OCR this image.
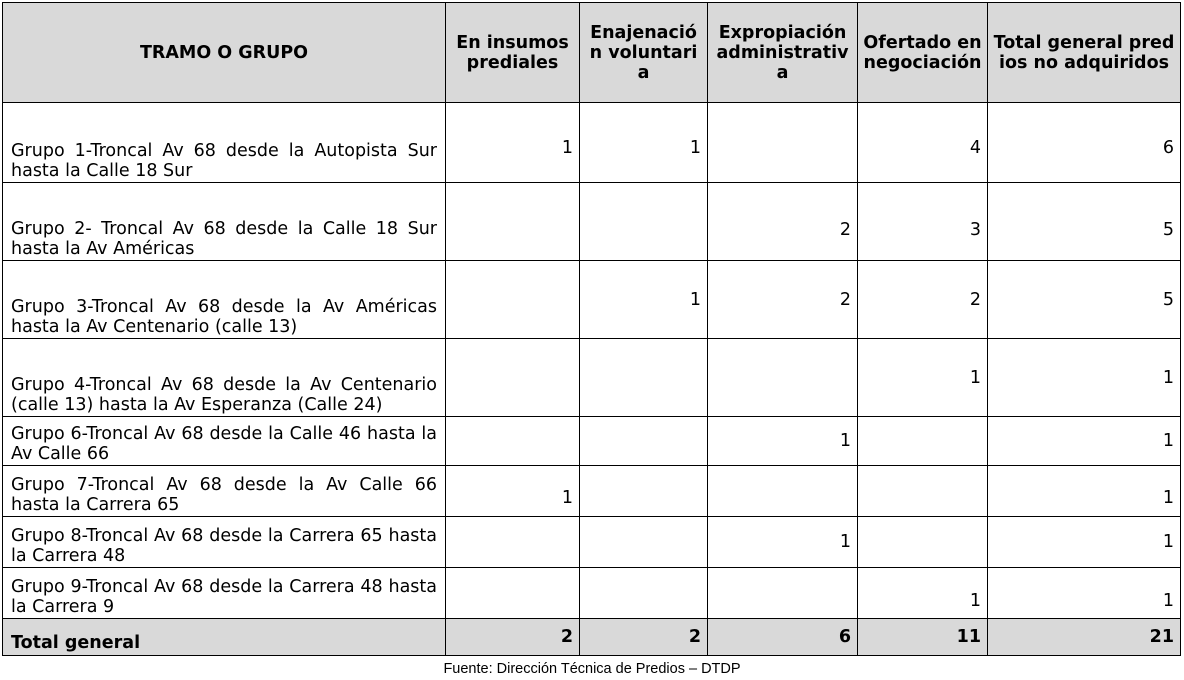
TRAMO O GRUPO	En insumos prediales	Enajenación voluntaria	Expropiación administrativa	Ofertado en negociación	Total general predios no adquiridos
Grupo 1-Troncal Av 68 desde la Autopista Sur hasta la Calle 18 Sur	1	1		4	6
Grupo 2- Troncal Av 68 desde la Calle 18 Sur hasta la Av Américas			2	3	5
Grupo 3-Troncal Av 68 desde la Av Américas hasta la Av Centenario (calle 13)		1	2	2	5
Grupo 4-Troncal Av 68 desde la Av Centenario (calle 13) hasta la Av Esperanza (Calle 24)				1	1
Grupo 6-Troncal Av 68 desde la Calle 46 hasta la Av Calle 66			1		1
Grupo 7-Troncal Av 68 desde la Av Calle 66 hasta la Carrera 65	1				1
Grupo 8-Troncal Av 68 desde la Carrera 65 hasta la Carrera 48			1		1
Grupo 9-Troncal Av 68 desde la Carrera 48 hasta la Carrera 9				1	1
Total general	2	2	6	11	21
Fuente: Dirección Técnica de Predios – DTDP
